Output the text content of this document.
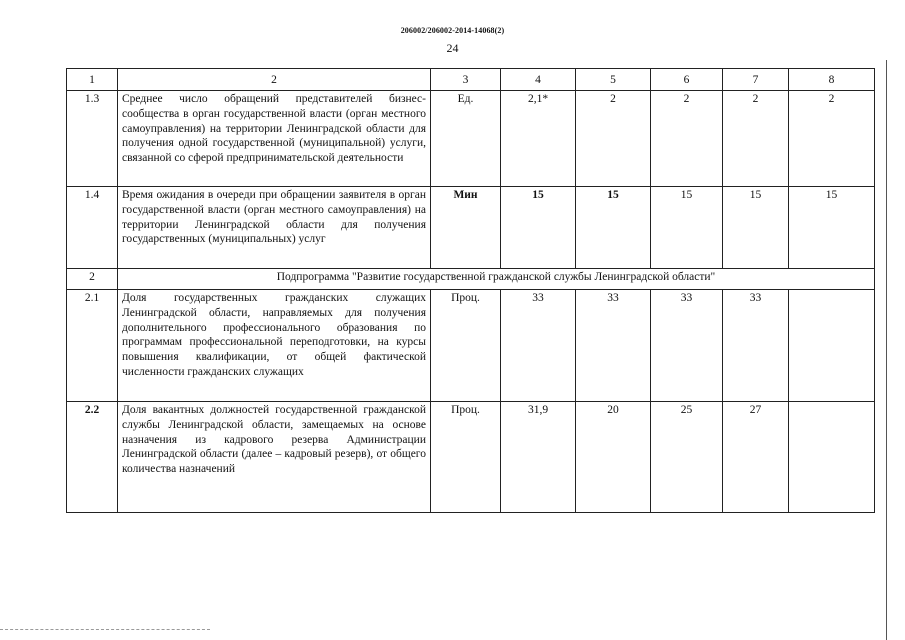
206002/206002-2014-14068(2)
24
1	2	3	4	5	6	7	8
1.3	Среднее число обращений представителей бизнес-сообщества в орган государственной власти (орган местного самоуправления) на территории Ленинградской области для получения одной государственной (муниципальной) услуги, связанной со сферой предпринимательской деятельности	Ед.	2,1*	2	2	2	2
1.4	Время ожидания в очереди при обращении заявителя в орган государственной власти (орган местного самоуправления) на территории Ленинградской области для получения государственных (муниципальных) услуг	Мин	15	15	15	15	15
2	Подпрограмма "Развитие государственной гражданской службы Ленинградской области"						
2.1	Доля государственных гражданских служащих Ленинградской области, направляемых для получения дополнительного профессионального образования по программам профессиональной переподготовки, на курсы повышения квалификации, от общей фактической численности гражданских служащих	Проц.	33	33	33	33	
2.2	Доля вакантных должностей государственной гражданской службы Ленинградской области, замещаемых на основе назначения из кадрового резерва Администрации Ленинградской области (далее – кадровый резерв), от общего количества назначений	Проц.	31,9	20	25	27	
